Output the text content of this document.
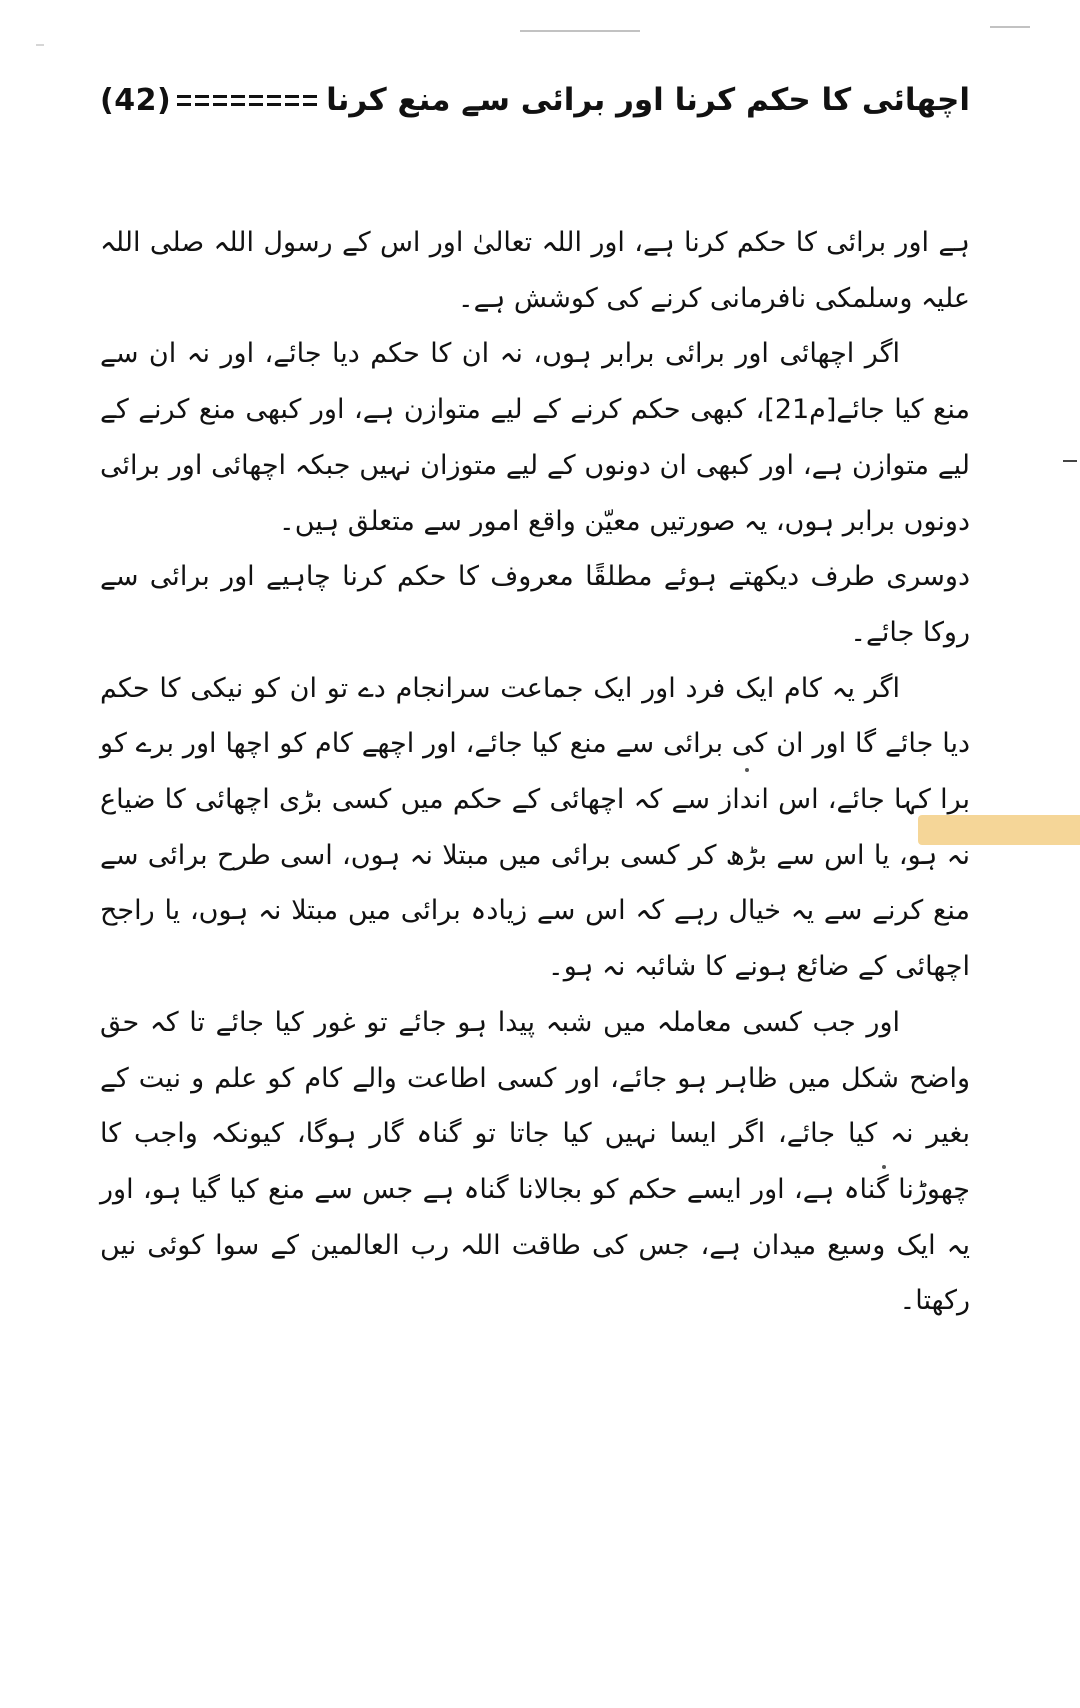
(42)	اچھائی کا حکم کرنا اور برائی سے منع کرنا

ہے اور برائی کا حکم کرنا ہے، اور اللہ تعالیٰ اور اس کے رسول اللہ صلی اللہ علیہ وسلمکی نافرمانی کرنے کی کوشش ہے۔

اگر اچھائی اور برائی برابر ہوں، نہ ان کا حکم دیا جائے، اور نہ ان سے منع کیا جائے[م21]، کبھی حکم کرنے کے لیے متوازن ہے، اور کبھی منع کرنے کے لیے متوازن ہے، اور کبھی ان دونوں کے لیے متوزان نہیں جبکہ اچھائی اور برائی دونوں برابر ہوں، یہ صورتیں معیّن واقع امور سے متعلق ہیں۔

دوسری طرف دیکھتے ہوئے مطلقًا معروف کا حکم کرنا چاہیے اور برائی سے روکا جائے۔

اگر یہ کام ایک فرد اور ایک جماعت سرانجام دے تو ان کو نیکی کا حکم دیا جائے گا اور ان کی برائی سے منع کیا جائے، اور اچھے کام کو اچھا اور برے کو برا کہا جائے، اس انداز سے کہ اچھائی کے حکم میں کسی بڑی اچھائی کا ضیاع نہ ہو، یا اس سے بڑھ کر کسی برائی میں مبتلا نہ ہوں، اسی طرح برائی سے منع کرنے سے یہ خیال رہے کہ اس سے زیادہ برائی میں مبتلا نہ ہوں، یا راجح اچھائی کے ضائع ہونے کا شائبہ نہ ہو۔

اور جب کسی معاملہ میں شبہ پیدا ہو جائے تو غور کیا جائے تا کہ حق واضح شکل میں ظاہر ہو جائے، اور کسی اطاعت والے کام کو علم و نیت کے بغیر نہ کیا جائے، اگر ایسا نہیں کیا جاتا تو گناہ گار ہوگا، کیونکہ واجب کا چھوڑنا گناہ ہے، اور ایسے حکم کو بجالانا گناہ ہے جس سے منع کیا گیا ہو، اور یہ ایک وسیع میدان ہے، جس کی طاقت اللہ رب العالمین کے سوا کوئی نیں رکھتا۔
